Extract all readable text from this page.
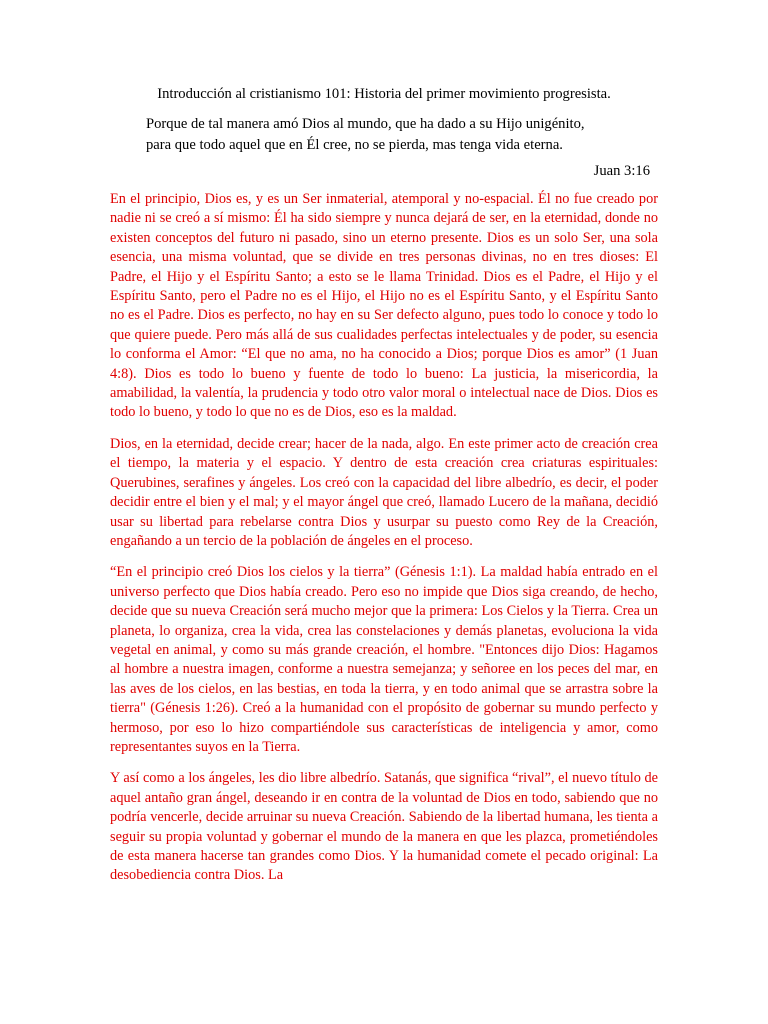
Introducción al cristianismo 101: Historia del primer movimiento progresista.
Porque de tal manera amó Dios al mundo, que ha dado a su Hijo unigénito,
para que todo aquel que en Él cree, no se pierda, mas tenga vida eterna.
Juan 3:16

En el principio, Dios es, y es un Ser inmaterial, atemporal y no-espacial. Él no fue creado por nadie ni se creó a sí mismo: Él ha sido siempre y nunca dejará de ser, en la eternidad, donde no existen conceptos del futuro ni pasado, sino un eterno presente. Dios es un solo Ser, una sola esencia, una misma voluntad, que se divide en tres personas divinas, no en tres dioses: El Padre, el Hijo y el Espíritu Santo; a esto se le llama Trinidad. Dios es el Padre, el Hijo y el Espíritu Santo, pero el Padre no es el Hijo, el Hijo no es el Espíritu Santo, y el Espíritu Santo no es el Padre. Dios es perfecto, no hay en su Ser defecto alguno, pues todo lo conoce y todo lo que quiere puede. Pero más allá de sus cualidades perfectas intelectuales y de poder, su esencia lo conforma el Amor: “El que no ama, no ha conocido a Dios; porque Dios es amor” (1 Juan 4:8). Dios es todo lo bueno y fuente de todo lo bueno: La justicia, la misericordia, la amabilidad, la valentía, la prudencia y todo otro valor moral o intelectual nace de Dios. Dios es todo lo bueno, y todo lo que no es de Dios, eso es la maldad.

Dios, en la eternidad, decide crear; hacer de la nada, algo. En este primer acto de creación crea el tiempo, la materia y el espacio. Y dentro de esta creación crea criaturas espirituales: Querubines, serafines y ángeles. Los creó con la capacidad del libre albedrío, es decir, el poder decidir entre el bien y el mal; y el mayor ángel que creó, llamado Lucero de la mañana, decidió usar su libertad para rebelarse contra Dios y usurpar su puesto como Rey de la Creación, engañando a un tercio de la población de ángeles en el proceso.

“En el principio creó Dios los cielos y la tierra” (Génesis 1:1). La maldad había entrado en el universo perfecto que Dios había creado. Pero eso no impide que Dios siga creando, de hecho, decide que su nueva Creación será mucho mejor que la primera: Los Cielos y la Tierra. Crea un planeta, lo organiza, crea la vida, crea las constelaciones y demás planetas, evoluciona la vida vegetal en animal, y como su más grande creación, el hombre. "Entonces dijo Dios: Hagamos al hombre a nuestra imagen, conforme a nuestra semejanza; y señoree en los peces del mar, en las aves de los cielos, en las bestias, en toda la tierra, y en todo animal que se arrastra sobre la tierra" (Génesis 1:26). Creó a la humanidad con el propósito de gobernar su mundo perfecto y hermoso, por eso lo hizo compartiéndole sus características de inteligencia y amor, como representantes suyos en la Tierra.

Y así como a los ángeles, les dio libre albedrío. Satanás, que significa “rival”, el nuevo título de aquel antaño gran ángel, deseando ir en contra de la voluntad de Dios en todo, sabiendo que no podría vencerle, decide arruinar su nueva Creación. Sabiendo de la libertad humana, les tienta a seguir su propia voluntad y gobernar el mundo de la manera en que les plazca, prometiéndoles de esta manera hacerse tan grandes como Dios. Y la humanidad comete el pecado original: La desobediencia contra Dios. La
